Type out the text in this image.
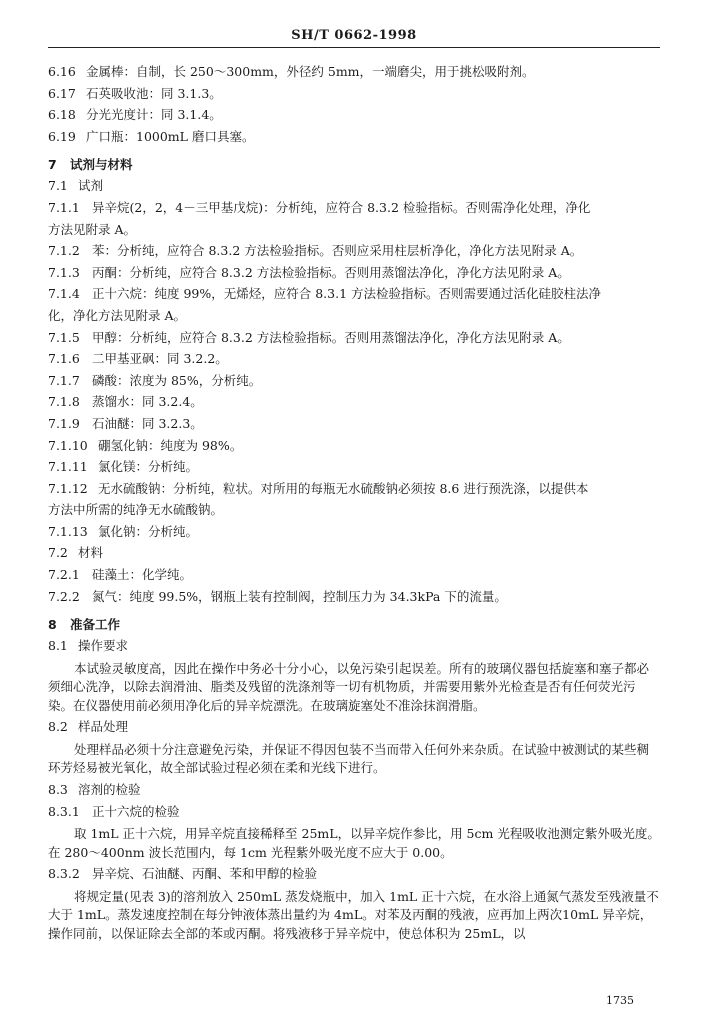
SH/T 0662-1998
6.16 金属棒：自制，长 250～300mm，外径约 5mm，一端磨尖，用于挑松吸附剂。
6.17 石英吸收池：同 3.1.3。
6.18 分光光度计：同 3.1.4。
6.19 广口瓶：1000mL 磨口具塞。
7 试剂与材料
7.1 试剂
7.1.1 异辛烷(2，2，4－三甲基戊烷)：分析纯，应符合 8.3.2 检验指标。否则需净化处理，净化
方法见附录 A。
7.1.2 苯：分析纯，应符合 8.3.2 方法检验指标。否则应采用柱层析净化，净化方法见附录 A。
7.1.3 丙酮：分析纯，应符合 8.3.2 方法检验指标。否则用蒸馏法净化，净化方法见附录 A。
7.1.4 正十六烷：纯度 99%，无烯烃，应符合 8.3.1 方法检验指标。否则需要通过活化硅胶柱法净
化，净化方法见附录 A。
7.1.5 甲醇：分析纯，应符合 8.3.2 方法检验指标。否则用蒸馏法净化，净化方法见附录 A。
7.1.6 二甲基亚砜：同 3.2.2。
7.1.7 磷酸：浓度为 85%，分析纯。
7.1.8 蒸馏水：同 3.2.4。
7.1.9 石油醚：同 3.2.3。
7.1.10 硼氢化钠：纯度为 98%。
7.1.11 氯化镁：分析纯。
7.1.12 无水硫酸钠：分析纯，粒状。对所用的每瓶无水硫酸钠必须按 8.6 进行预洗涤，以提供本
方法中所需的纯净无水硫酸钠。
7.1.13 氯化钠：分析纯。
7.2 材料
7.2.1 硅藻土：化学纯。
7.2.2 氮气：纯度 99.5%，钢瓶上装有控制阀，控制压力为 34.3kPa 下的流量。
8 准备工作
8.1 操作要求
本试验灵敏度高，因此在操作中务必十分小心，以免污染引起误差。所有的玻璃仪器包括旋塞和塞子都必须细心洗净，以除去润滑油、脂类及残留的洗涤剂等一切有机物质，并需要用紫外光检查是否有任何荧光污染。在仪器使用前必须用净化后的异辛烷漂洗。在玻璃旋塞处不准涂抹润滑脂。
8.2 样品处理
处理样品必须十分注意避免污染，并保证不得因包装不当而带入任何外来杂质。在试验中被测试的某些稠环芳烃易被光氧化，故全部试验过程必须在柔和光线下进行。
8.3 溶剂的检验
8.3.1 正十六烷的检验
取 1mL 正十六烷，用异辛烷直接稀释至 25mL，以异辛烷作参比，用 5cm 光程吸收池测定紫外吸光度。在 280～400nm 波长范围内，每 1cm 光程紫外吸光度不应大于 0.00。
8.3.2 异辛烷、石油醚、丙酮、苯和甲醇的检验
将规定量(见表 3)的溶剂放入 250mL 蒸发烧瓶中，加入 1mL 正十六烷，在水浴上通氮气蒸发至残液量不大于 1mL。蒸发速度控制在每分钟液体蒸出量约为 4mL。对苯及丙酮的残液，应再加上两次10mL 异辛烷，操作同前，以保证除去全部的苯或丙酮。将残液移于异辛烷中，使总体积为 25mL，以
1735
